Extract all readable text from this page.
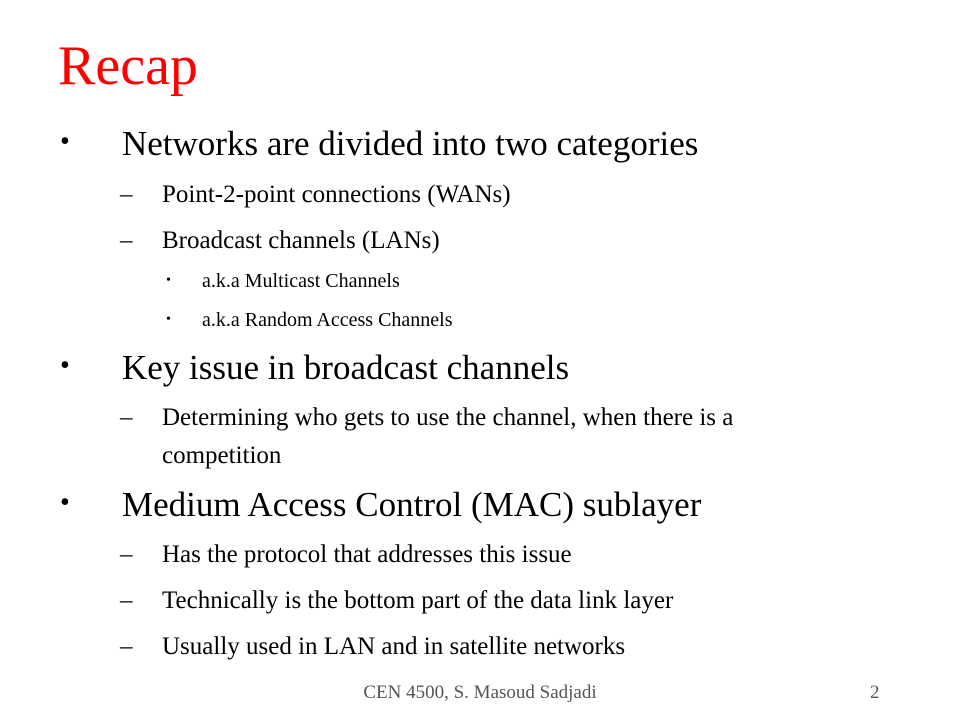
Recap
• Networks are divided into two categories
– Point-2-point connections (WANs)
– Broadcast channels (LANs)
• a.k.a Multicast Channels
• a.k.a Random Access Channels
• Key issue in broadcast channels
– Determining who gets to use the channel, when there is a
competition
• Medium Access Control (MAC) sublayer
– Has the protocol that addresses this issue
– Technically is the bottom part of the data link layer
– Usually used in LAN and in satellite networks
CEN 4500, S. Masoud Sadjadi	2
